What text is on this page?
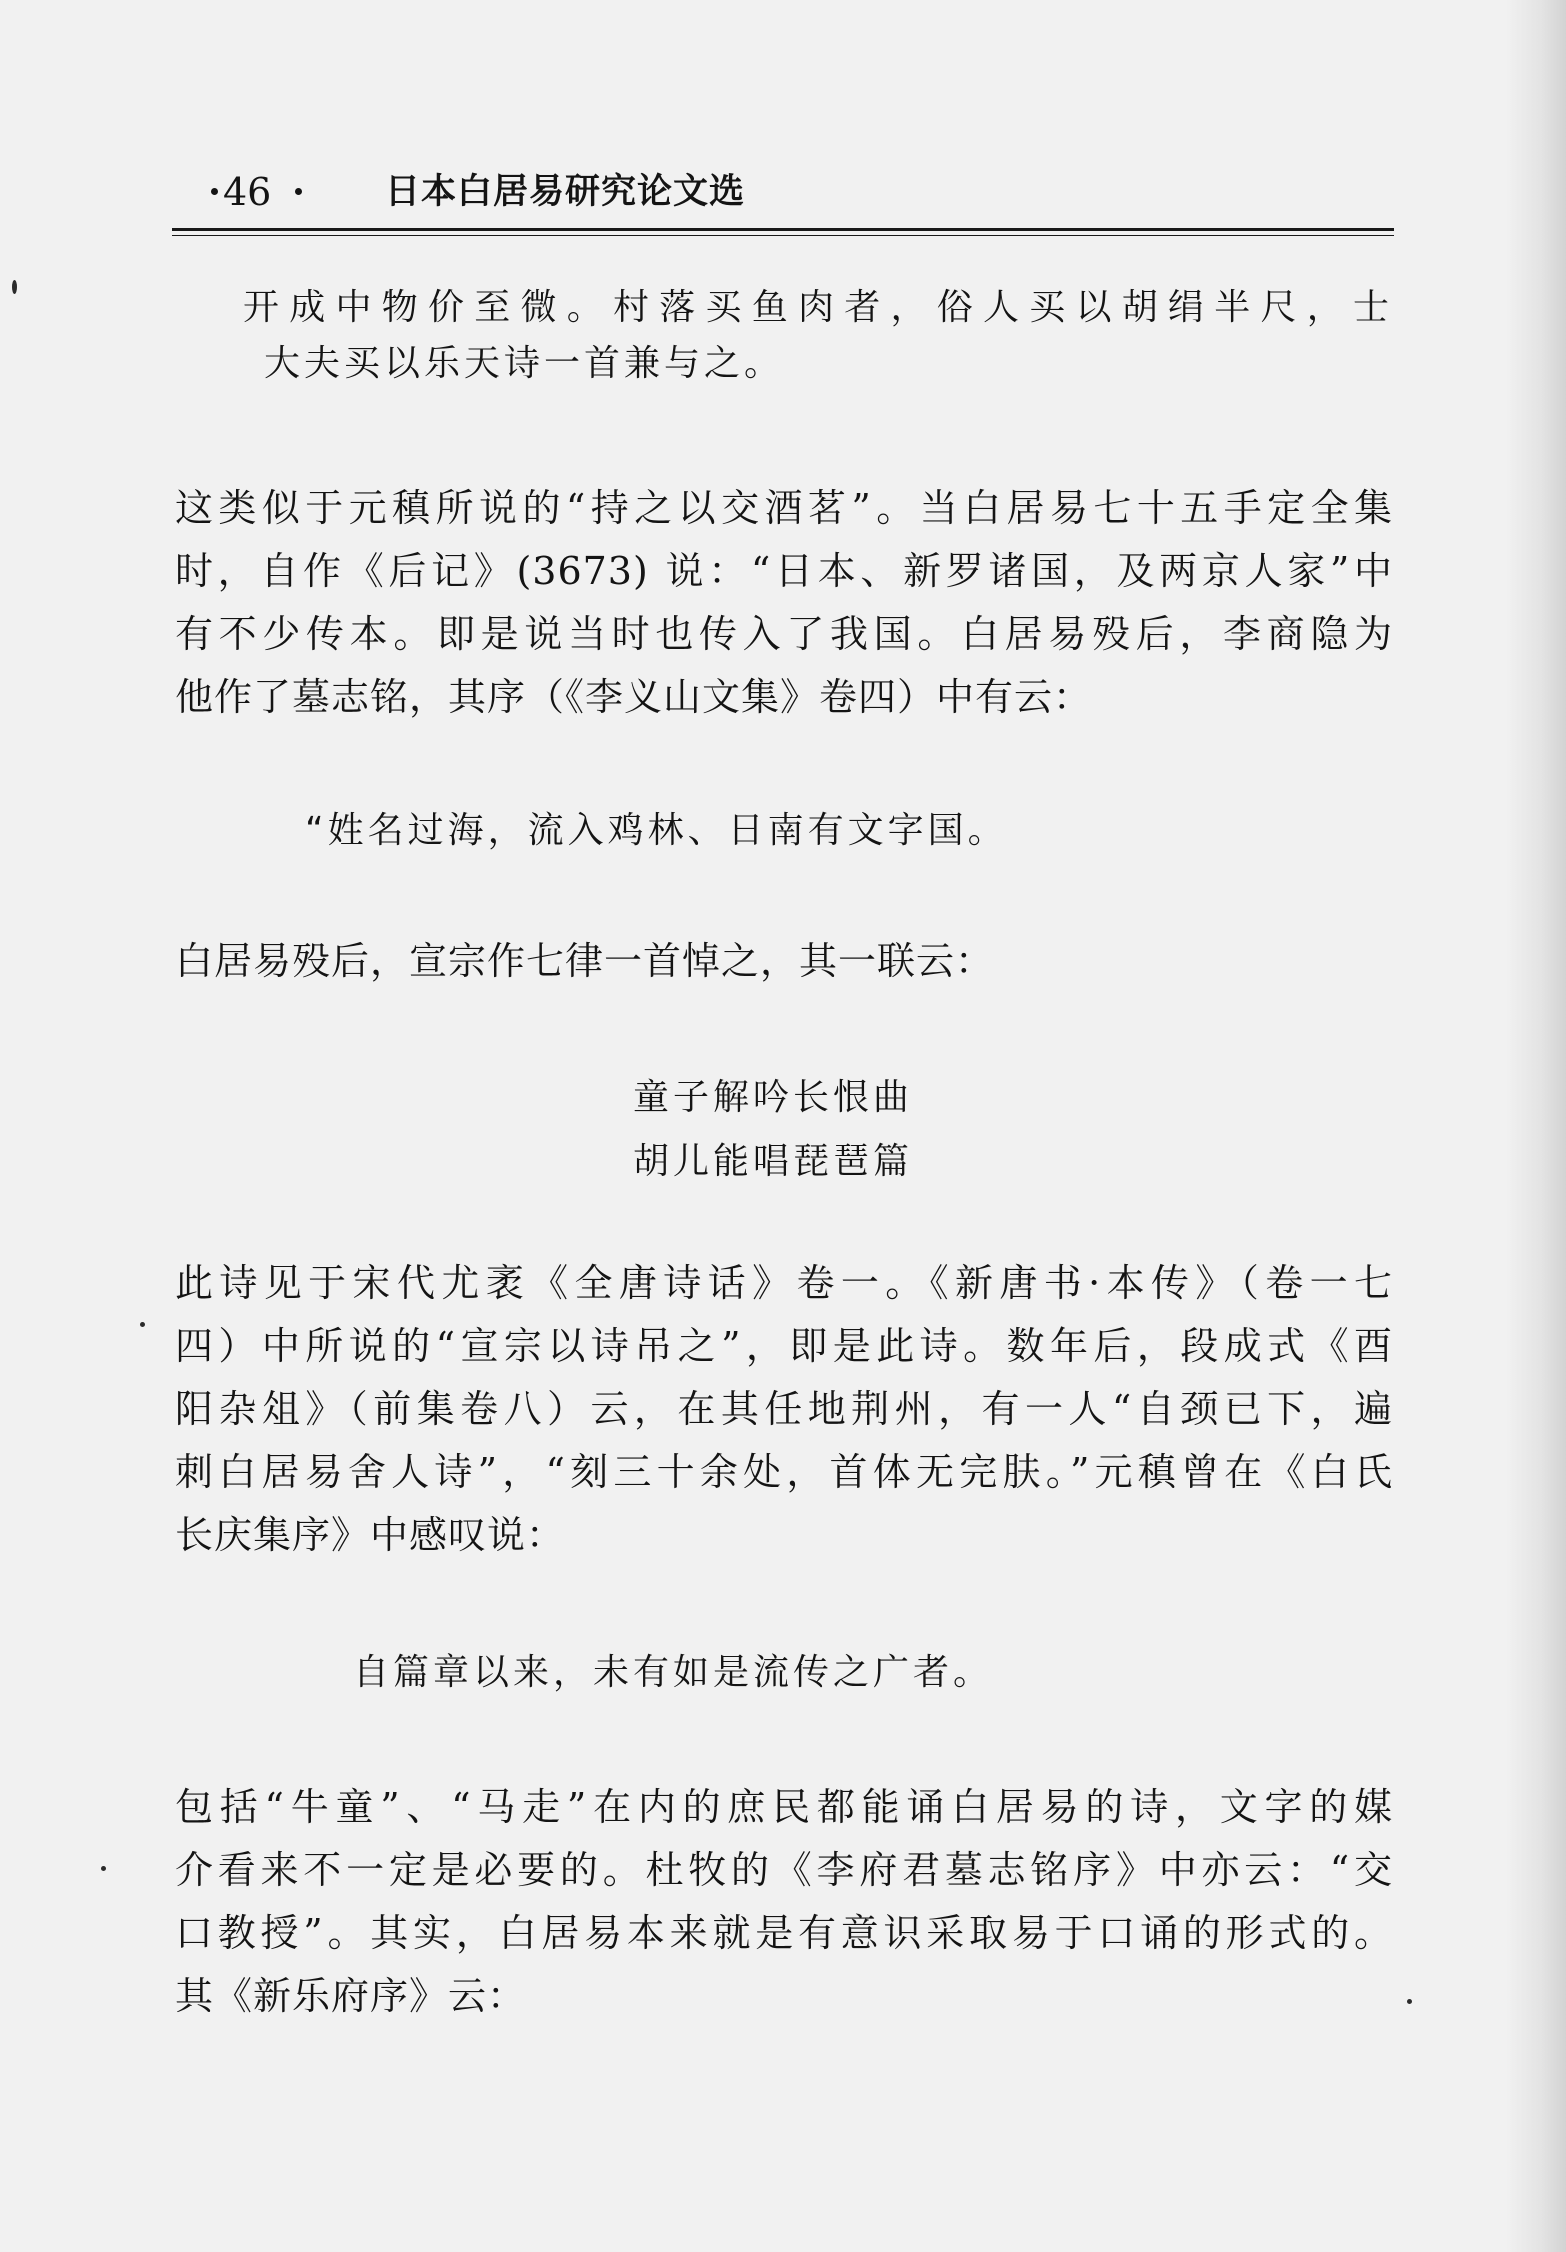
46	日本白居易研究论文选
开成中物价至微。村落买鱼肉者，俗人买以胡绢半尺，士
大夫买以乐天诗一首兼与之。
这类似于元稹所说的“持之以交酒茗”。当白居易七十五手定全集
时，自作《后记》(3673) 说：“日本、新罗诸国，及两京人家”中
有不少传本。即是说当时也传入了我国。白居易殁后，李商隐为
他作了墓志铭，其序（《李义山文集》卷四）中有云：
“姓名过海，流入鸡林、日南有文字国。
白居易殁后，宣宗作七律一首悼之，其一联云：
童子解吟长恨曲
胡儿能唱琵琶篇
此诗见于宋代尤袤《全唐诗话》卷一。《新唐书·本传》（卷一七
四）中所说的“宣宗以诗吊之”，即是此诗。数年后，段成式《酉
阳杂俎》（前集卷八）云，在其任地荆州，有一人“自颈已下，遍
刺白居易舍人诗”，“刻三十余处，首体无完肤。”元稹曾在《白氏
长庆集序》中感叹说：
自篇章以来，未有如是流传之广者。
包括“牛童”、“马走”在内的庶民都能诵白居易的诗，文字的媒
介看来不一定是必要的。杜牧的《李府君墓志铭序》中亦云：“交
口教授”。其实，白居易本来就是有意识采取易于口诵的形式的。
其《新乐府序》云：
